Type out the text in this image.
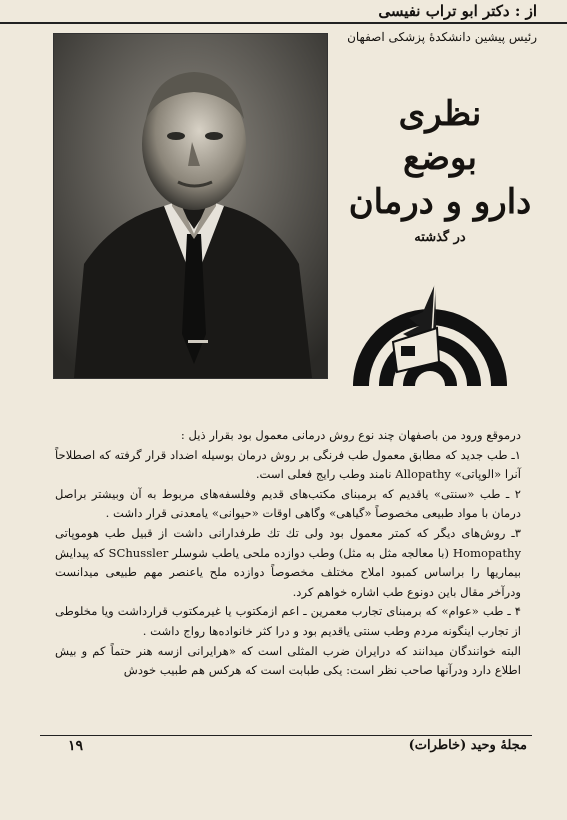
از : دکتر ابو تراب نفیسی
رئیس پیشین دانشکدهٔ پزشکی اصفهان
نظری
بوضع
دارو و درمان
در گذشته

درموقع ورود من باصفهان چند نوع روش درمانی معمول بود بقرار ذیل :

۱ـ طب جدید که مطابق معمول طب فرنگی بر روش درمان بوسیله اضداد قرار گرفته که اصطلاحاً آنرا «الوپاتی» Allopathy نامند وطب رایج فعلی است.

۲ ـ طب «سنتی» یاقدیم که برمبنای مکتب‌های قدیم وفلسفه‌های مربوط به آن وبیشتر براصل درمان با مواد طبیعی مخصوصاً «گیاهی» وگاهی اوقات «حیوانی» یامعدنی قرار داشت .

۳ـ روش‌های دیگر که کمتر معمول بود ولی تك تك طرفدارانی داشت از قبیل طب هوموپاتی Homopathy (با معالجه مثل به مثل) وطب دوازده ملحی یاطب شوسلر SChussler که پیدایش بیماریها را براساس کمبود املاح مختلف مخصوصاً دوازده ملح یاعنصر مهم طبیعی میدانست ودرآخر مقال باین دونوع طب اشاره خواهم کرد.

۴ ـ طب «عوام» که برمبنای تجارب معمرین ـ اعم ازمکتوب یا غیرمکتوب قرارداشت ویا مخلوطی از تجارب اینگونه مردم وطب سنتی یاقدیم بود و درا کثر خانواده‌ها رواج داشت .

البته خوانندگان میدانند که درایران ضرب المثلی است که «هرایرانی ازسه هنر حتماً کم و بیش اطلاع دارد ودرآنها صاحب نظر است: یکی طبابت است که هرکس هم طبیب خودش

۱۹	مجلهٔ وحید (خاطرات)
